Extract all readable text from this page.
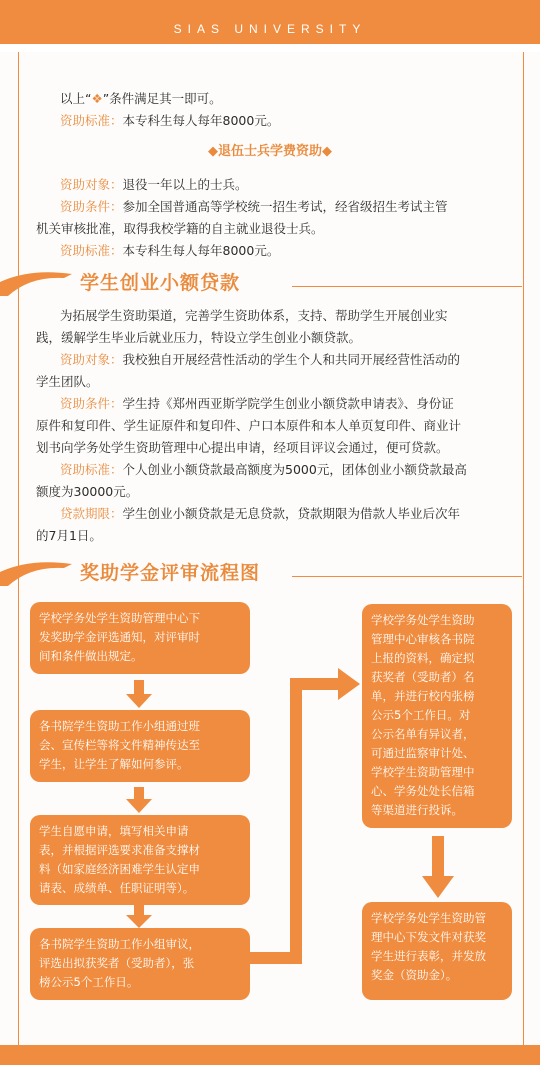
SIAS UNIVERSITY
以上“❖”条件满足其一即可。
资助标准：本专科生每人每年8000元。
◆退伍士兵学费资助◆
资助对象：退役一年以上的士兵。
资助条件：参加全国普通高等学校统一招生考试，经省级招生考试主管
机关审核批准，取得我校学籍的自主就业退役士兵。
资助标准：本专科生每人每年8000元。
学生创业小额贷款
为拓展学生资助渠道，完善学生资助体系，支持、帮助学生开展创业实
践，缓解学生毕业后就业压力，特设立学生创业小额贷款。
资助对象：我校独自开展经营性活动的学生个人和共同开展经营性活动的
学生团队。
资助条件：学生持《郑州西亚斯学院学生创业小额贷款申请表》、身份证
原件和复印件、学生证原件和复印件、户口本原件和本人单页复印件、商业计
划书向学务处学生资助管理中心提出申请，经项目评议会通过，便可贷款。
资助标准：个人创业小额贷款最高额度为5000元，团体创业小额贷款最高
额度为30000元。
贷款期限：学生创业小额贷款是无息贷款，贷款期限为借款人毕业后次年
的7月1日。
奖助学金评审流程图
学校学务处学生资助管理中心下
发奖助学金评选通知，对评审时
间和条件做出规定。
各书院学生资助工作小组通过班
会、宣传栏等将文件精神传达至
学生，让学生了解如何参评。
学生自愿申请，填写相关申请
表，并根据评选要求准备支撑材
料（如家庭经济困难学生认定申
请表、成绩单、任职证明等）。
各书院学生资助工作小组审议，
评选出拟获奖者（受助者），张
榜公示5个工作日。
学校学务处学生资助
管理中心审核各书院
上报的资料，确定拟
获奖者（受助者）名
单，并进行校内张榜
公示5个工作日。对
公示名单有异议者，
可通过监察审计处、
学校学生资助管理中
心、学务处处长信箱
等渠道进行投诉。
学校学务处学生资助管
理中心下发文件对获奖
学生进行表彰，并发放
奖金（资助金）。
